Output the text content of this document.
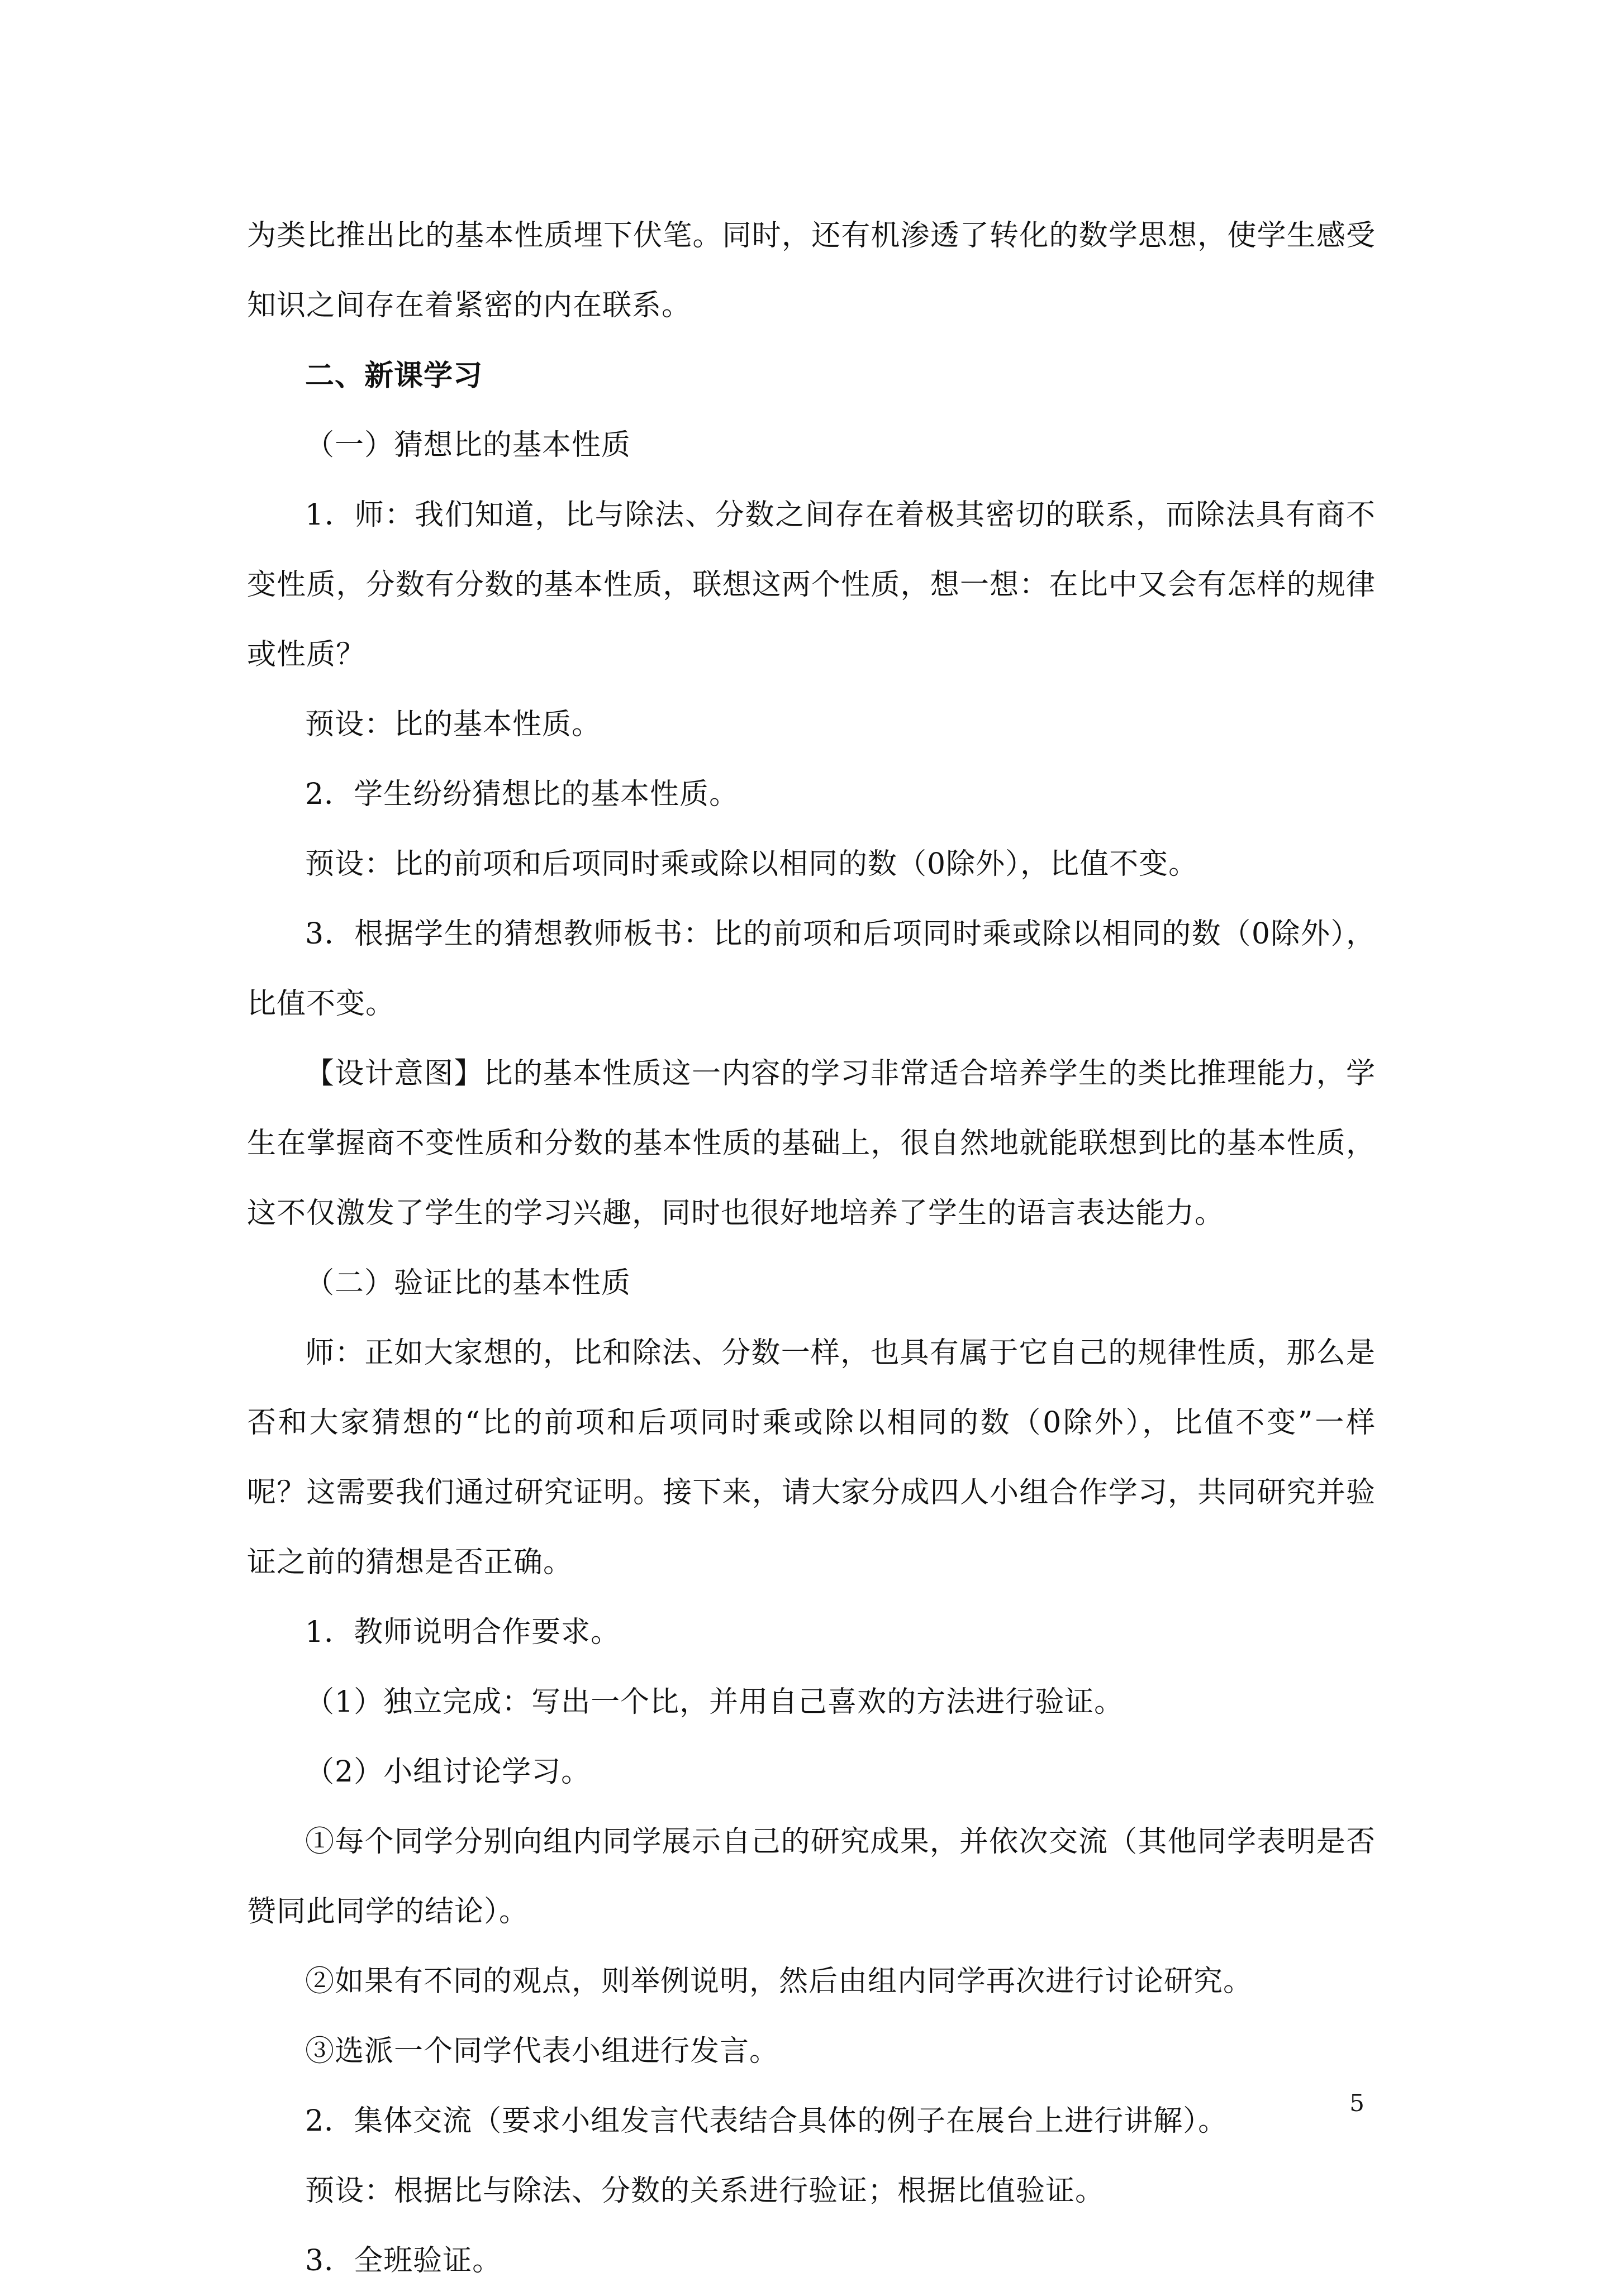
为类比推出比的基本性质埋下伏笔。同时，还有机渗透了转化的数学思想，使学生感受知识之间存在着紧密的内在联系。

二、新课学习

（一）猜想比的基本性质

1．师：我们知道，比与除法、分数之间存在着极其密切的联系，而除法具有商不变性质，分数有分数的基本性质，联想这两个性质，想一想：在比中又会有怎样的规律或性质？

预设：比的基本性质。

2．学生纷纷猜想比的基本性质。

预设：比的前项和后项同时乘或除以相同的数（0除外），比值不变。

3．根据学生的猜想教师板书：比的前项和后项同时乘或除以相同的数（0除外），比值不变。

【设计意图】比的基本性质这一内容的学习非常适合培养学生的类比推理能力，学生在掌握商不变性质和分数的基本性质的基础上，很自然地就能联想到比的基本性质，这不仅激发了学生的学习兴趣，同时也很好地培养了学生的语言表达能力。

（二）验证比的基本性质

师：正如大家想的，比和除法、分数一样，也具有属于它自己的规律性质，那么是否和大家猜想的“比的前项和后项同时乘或除以相同的数（0除外），比值不变”一样呢？这需要我们通过研究证明。接下来，请大家分成四人小组合作学习，共同研究并验证之前的猜想是否正确。

1．教师说明合作要求。

（1）独立完成：写出一个比，并用自己喜欢的方法进行验证。

（2）小组讨论学习。

①每个同学分别向组内同学展示自己的研究成果，并依次交流（其他同学表明是否赞同此同学的结论）。

②如果有不同的观点，则举例说明，然后由组内同学再次进行讨论研究。

③选派一个同学代表小组进行发言。

2．集体交流（要求小组发言代表结合具体的例子在展台上进行讲解）。

预设：根据比与除法、分数的关系进行验证；根据比值验证。

3．全班验证。

5
